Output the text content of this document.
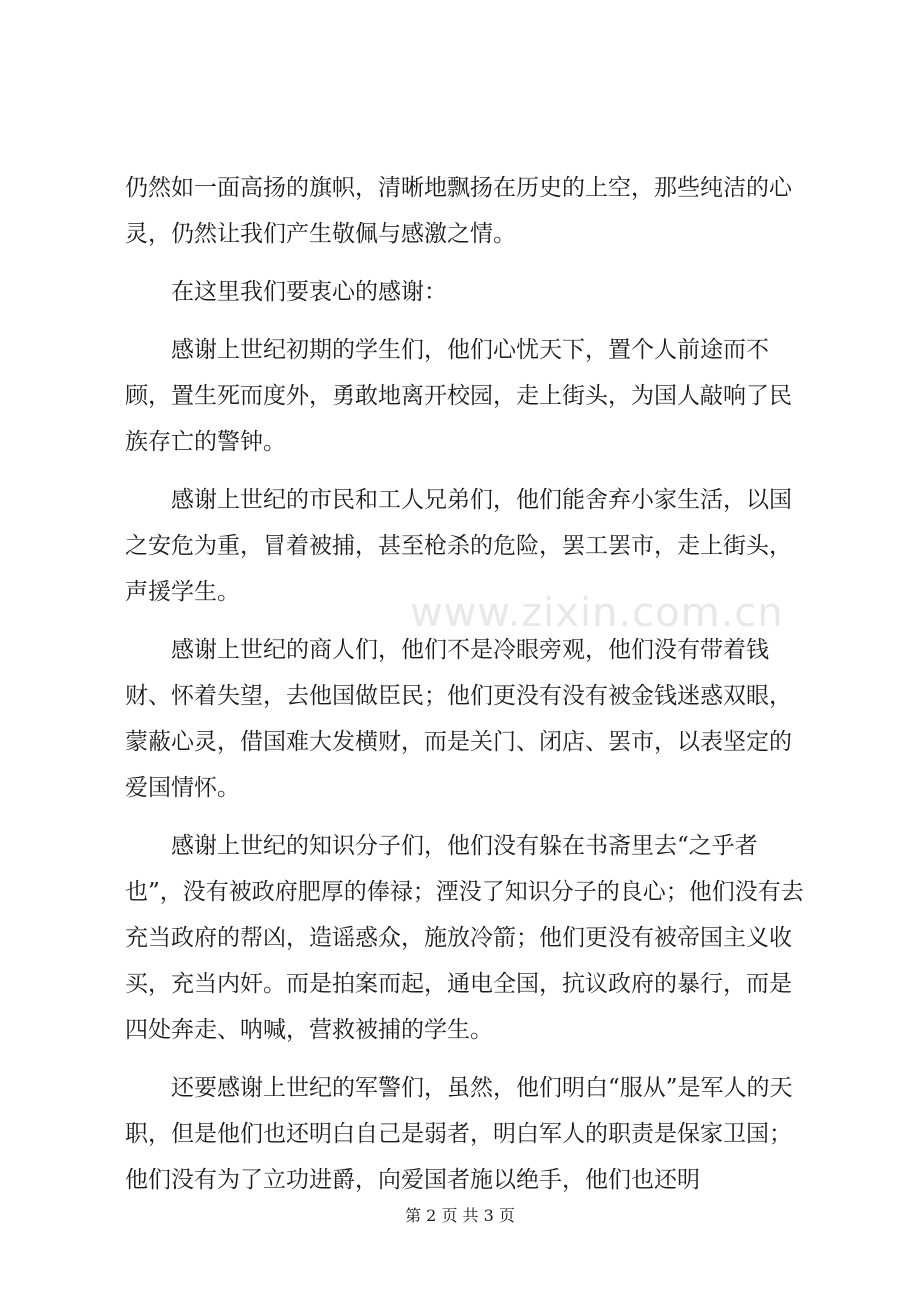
www.zixin.com.cn

仍然如一面高扬的旗帜，清晰地飘扬在历史的上空，那些纯洁的心灵，仍然让我们产生敬佩与感激之情。

在这里我们要衷心的感谢：

感谢上世纪初期的学生们，他们心忧天下，置个人前途而不顾，置生死而度外，勇敢地离开校园，走上街头，为国人敲响了民族存亡的警钟。

感谢上世纪的市民和工人兄弟们，他们能舍弃小家生活，以国之安危为重，冒着被捕，甚至枪杀的危险，罢工罢市，走上街头，声援学生。

感谢上世纪的商人们，他们不是冷眼旁观，他们没有带着钱财、怀着失望，去他国做臣民；他们更没有没有被金钱迷惑双眼，蒙蔽心灵，借国难大发横财，而是关门、闭店、罢市，以表坚定的爱国情怀。

感谢上世纪的知识分子们，他们没有躲在书斋里去“之乎者也”，没有被政府肥厚的俸禄；湮没了知识分子的良心；他们没有去充当政府的帮凶，造谣惑众，施放冷箭；他们更没有被帝国主义收买，充当内奸。而是拍案而起，通电全国，抗议政府的暴行，而是四处奔走、呐喊，营救被捕的学生。

还要感谢上世纪的军警们，虽然，他们明白“服从”是军人的天职，但是他们也还明白自己是弱者，明白军人的职责是保家卫国；他们没有为了立功进爵，向爱国者施以绝手，他们也还明

第 2 页 共 3 页
